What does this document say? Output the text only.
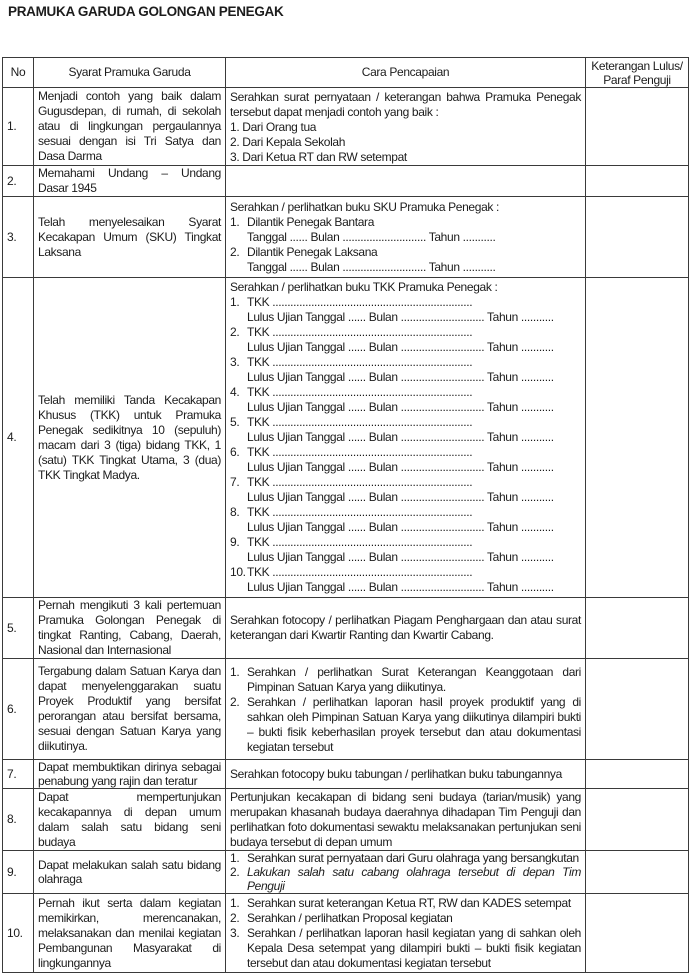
PRAMUKA GARUDA GOLONGAN PENEGAK
No	Syarat Pramuka Garuda	Cara Pencapaian	Keterangan Lulus/ Paraf Penguji
1.	Menjadi contoh yang baik dalam Gugusdepan, di rumah, di sekolah atau di lingkungan pergaulannya sesuai dengan isi Tri Satya dan Dasa Darma	Serahkan surat pernyataan / keterangan bahwa Pramuka Penegak tersebut dapat menjadi contoh yang baik :
1. Dari Orang tua
2. Dari Kepala Sekolah
3. Dari Ketua RT dan RW setempat	

2.	Memahami Undang – Undang Dasar 1945		
3.	Telah menyelesaikan Syarat Kecakapan Umum (SKU) Tingkat Laksana	Serahkan / perlihatkan buku SKU Pramuka Penegak :
1. Dilantik Penegak Bantara
Tanggal ...... Bulan ............................ Tahun ...........
2. Dilantik Penegak Laksana
Tanggal ...... Bulan ............................ Tahun ...........	

4.	Telah memiliki Tanda Kecakapan Khusus (TKK) untuk Pramuka Penegak sedikitnya 10 (sepuluh) macam dari 3 (tiga) bidang TKK, 1 (satu) TKK Tingkat Utama, 3 (dua) TKK Tingkat Madya.	
Serahkan / perlihatkan buku TKK Pramuka Penegak :
1. TKK ...................................................................
Lulus Ujian Tanggal ...... Bulan ............................ Tahun ...........
2. TKK ...................................................................
Lulus Ujian Tanggal ...... Bulan ............................ Tahun ...........
3. TKK ...................................................................
Lulus Ujian Tanggal ...... Bulan ............................ Tahun ...........
4. TKK ...................................................................
Lulus Ujian Tanggal ...... Bulan ............................ Tahun ...........
5. TKK ...................................................................
Lulus Ujian Tanggal ...... Bulan ............................ Tahun ...........
6. TKK ...................................................................
Lulus Ujian Tanggal ...... Bulan ............................ Tahun ...........
7. TKK ...................................................................
Lulus Ujian Tanggal ...... Bulan ............................ Tahun ...........
8. TKK ...................................................................
Lulus Ujian Tanggal ...... Bulan ............................ Tahun ...........
9. TKK ...................................................................
Lulus Ujian Tanggal ...... Bulan ............................ Tahun ...........
10.TKK ...................................................................
Lulus Ujian Tanggal ...... Bulan ............................ Tahun ...........

5.	Pernah mengikuti 3 kali pertemuan Pramuka Golongan Penegak di tingkat Ranting, Cabang, Daerah, Nasional dan Internasional	Serahkan fotocopy / perlihatkan Piagam Penghargaan dan atau surat keterangan dari Kwartir Ranting dan Kwartir Cabang.	
6.	Tergabung dalam Satuan Karya dan dapat menyelenggarakan suatu Proyek Produktif yang bersifat perorangan atau bersifat bersama, sesuai dengan Satuan Karya yang diikutinya.	1. Serahkan / perlihatkan Surat Keterangan Keanggotaan dari Pimpinan Satuan Karya yang diikutinya.
2. Serahkan / perlihatkan laporan hasil proyek produktif yang di sahkan oleh Pimpinan Satuan Karya yang diikutinya dilampiri bukti – bukti fisik keberhasilan proyek tersebut dan atau dokumentasi kegiatan tersebut	

7.	Dapat membuktikan dirinya sebagai penabung yang rajin dan teratur	Serahkan fotocopy buku tabungan / perlihatkan buku tabungannya	
8.	Dapat mempertunjukan kecakapannya di depan umum dalam salah satu bidang seni budaya	Pertunjukan kecakapan di bidang seni budaya (tarian/musik) yang merupakan khasanah budaya daerahnya dihadapan Tim Penguji dan perlihatkan foto dokumentasi sewaktu melaksanakan pertunjukan seni budaya tersebut di depan umum	
9.	Dapat melakukan salah satu bidang olahraga	1. Serahkan surat pernyataan dari Guru olahraga yang bersangkutan
2. Lakukan salah satu cabang olahraga tersebut di depan Tim Penguji	

10.	Pernah ikut serta dalam kegiatan memikirkan, merencanakan, melaksanakan dan menilai kegiatan Pembangunan Masyarakat di lingkungannya	
1. Serahkan surat keterangan Ketua RT, RW dan KADES setempat
2. Serahkan / perlihatkan Proposal kegiatan
3. Serahkan / perlihatkan laporan hasil kegiatan yang di sahkan oleh Kepala Desa setempat yang dilampiri bukti – bukti fisik kegiatan tersebut dan atau dokumentasi kegiatan tersebut
